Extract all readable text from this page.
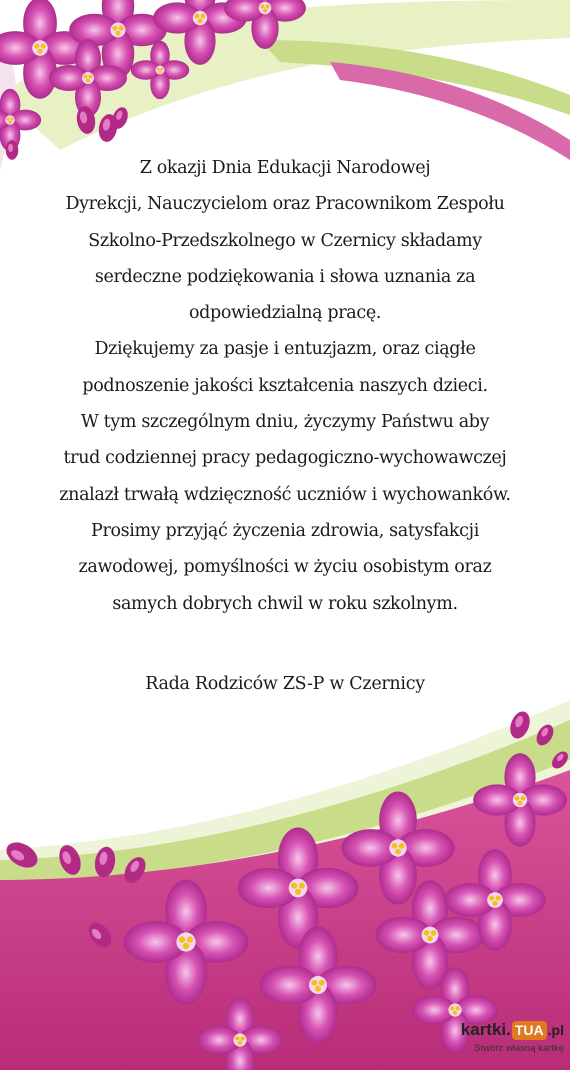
Z okazji Dnia Edukacji Narodowej
Dyrekcji, Nauczycielom oraz Pracownikom Zespołu
Szkolno-Przedszkolnego w Czernicy składamy
serdeczne podziękowania i słowa uznania za
odpowiedzialną pracę.
Dziękujemy za pasje i entuzjazm, oraz ciągłe
podnoszenie jakości kształcenia naszych dzieci.
W tym szczególnym dniu, życzymy Państwu aby
trud codziennej pracy pedagogiczno-wychowawczej
znalazł trwałą wdzięczność uczniów i wychowanków.
Prosimy przyjąć życzenia zdrowia, satysfakcji
zawodowej, pomyślności w życiu osobistym oraz
samych dobrych chwil w roku szkolnym.
Rada Rodziców ZS-P w Czernicy
kartki. TUA .pl
Stwórz własną kartkę
